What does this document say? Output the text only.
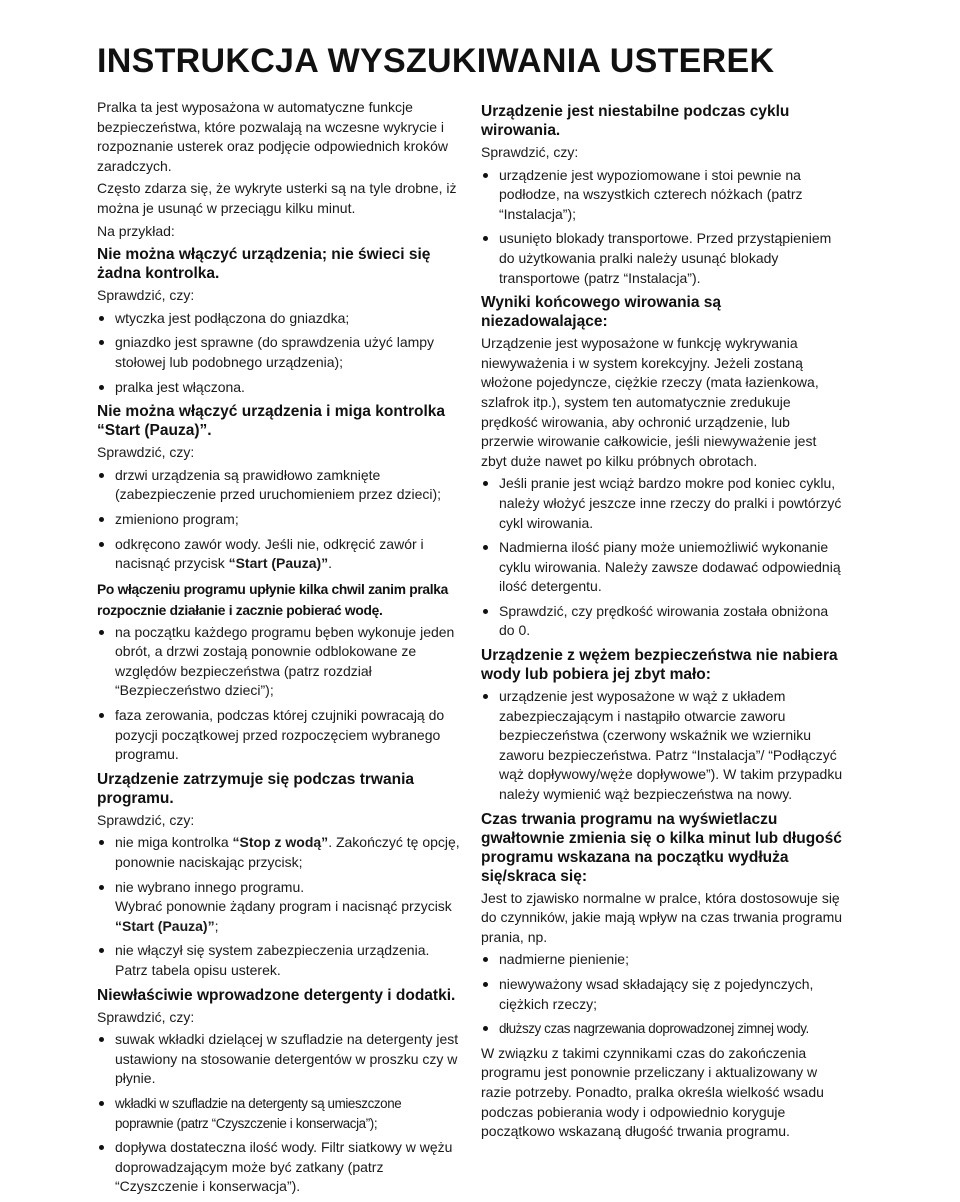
INSTRUKCJA WYSZUKIWANIA USTEREK

Pralka ta jest wyposażona w automatyczne funkcje bezpieczeństwa, które pozwalają na wczesne wykrycie i rozpoznanie usterek oraz podjęcie odpowiednich kroków zaradczych.

Często zdarza się, że wykryte usterki są na tyle drobne, iż można je usunąć w przeciągu kilku minut.

Na przykład:

Nie można włączyć urządzenia; nie świeci się żadna kontrolka.

Sprawdzić, czy:

wtyczka jest podłączona do gniazdka;
gniazdko jest sprawne (do sprawdzenia użyć lampy stołowej lub podobnego urządzenia);
pralka jest włączona.
Nie można włączyć urządzenia i miga kontrolka “Start (Pauza)”.

Sprawdzić, czy:

drzwi urządzenia są prawidłowo zamknięte (zabezpieczenie przed uruchomieniem przez dzieci);
zmieniono program;
odkręcono zawór wody. Jeśli nie, odkręcić zawór i nacisnąć przycisk “Start (Pauza)”.
Po włączeniu programu upłynie kilka chwil zanim pralka rozpocznie działanie i zacznie pobierać wodę.
na początku każdego programu bęben wykonuje jeden obrót, a drzwi zostają ponownie odblokowane ze względów bezpieczeństwa (patrz rozdział “Bezpieczeństwo dzieci”);
faza zerowania, podczas której czujniki powracają do pozycji początkowej przed rozpoczęciem wybranego programu.
Urządzenie zatrzymuje się podczas trwania programu.

Sprawdzić, czy:

nie miga kontrolka “Stop z wodą”. Zakończyć tę opcję, ponownie naciskając przycisk;
nie wybrano innego programu.
Wybrać ponownie żądany program i nacisnąć przycisk “Start (Pauza)”;
nie włączył się system zabezpieczenia urządzenia. Patrz tabela opisu usterek.
Niewłaściwie wprowadzone detergenty i dodatki.

Sprawdzić, czy:

suwak wkładki dzielącej w szufladzie na detergenty jest ustawiony na stosowanie detergentów w proszku czy w płynie.
wkładki w szufladzie na detergenty są umieszczone poprawnie (patrz “Czyszczenie i konserwacja”);
dopływa dostateczna ilość wody. Filtr siatkowy w wężu doprowadzającym może być zatkany (patrz “Czyszczenie i konserwacja”).
Urządzenie jest niestabilne podczas cyklu wirowania.

Sprawdzić, czy:

urządzenie jest wypoziomowane i stoi pewnie na podłodze, na wszystkich czterech nóżkach (patrz “Instalacja”);
usunięto blokady transportowe. Przed przystąpieniem do użytkowania pralki należy usunąć blokady transportowe (patrz “Instalacja”).
Wyniki końcowego wirowania są niezadowalające:

Urządzenie jest wyposażone w funkcję wykrywania niewyważenia i w system korekcyjny. Jeżeli zostaną włożone pojedyncze, ciężkie rzeczy (mata łazienkowa, szlafrok itp.), system ten automatycznie zredukuje prędkość wirowania, aby ochronić urządzenie, lub przerwie wirowanie całkowicie, jeśli niewyważenie jest zbyt duże nawet po kilku próbnych obrotach.

Jeśli pranie jest wciąż bardzo mokre pod koniec cyklu, należy włożyć jeszcze inne rzeczy do pralki i powtórzyć cykl wirowania.
Nadmierna ilość piany może uniemożliwić wykonanie cyklu wirowania. Należy zawsze dodawać odpowiednią ilość detergentu.
Sprawdzić, czy prędkość wirowania została obniżona do 0.
Urządzenie z wężem bezpieczeństwa nie nabiera wody lub pobiera jej zbyt mało:
urządzenie jest wyposażone w wąż z układem zabezpieczającym i nastąpiło otwarcie zaworu bezpieczeństwa (czerwony wskaźnik we wzierniku zaworu bezpieczeństwa. Patrz “Instalacja”/ “Podłączyć wąż dopływowy/węże dopływowe”). W takim przypadku należy wymienić wąż bezpieczeństwa na nowy.
Czas trwania programu na wyświetlaczu gwałtownie zmienia się o kilka minut lub długość programu wskazana na początku wydłuża się/skraca się:

Jest to zjawisko normalne w pralce, która dostosowuje się do czynników, jakie mają wpływ na czas trwania programu prania, np.

nadmierne pienienie;
niewyważony wsad składający się z pojedynczych, ciężkich rzeczy;
dłuższy czas nagrzewania doprowadzonej zimnej wody.

W związku z takimi czynnikami czas do zakończenia programu jest ponownie przeliczany i aktualizowany w razie potrzeby. Ponadto, pralka określa wielkość wsadu podczas pobierania wody i odpowiednio koryguje początkowo wskazaną długość trwania programu.
